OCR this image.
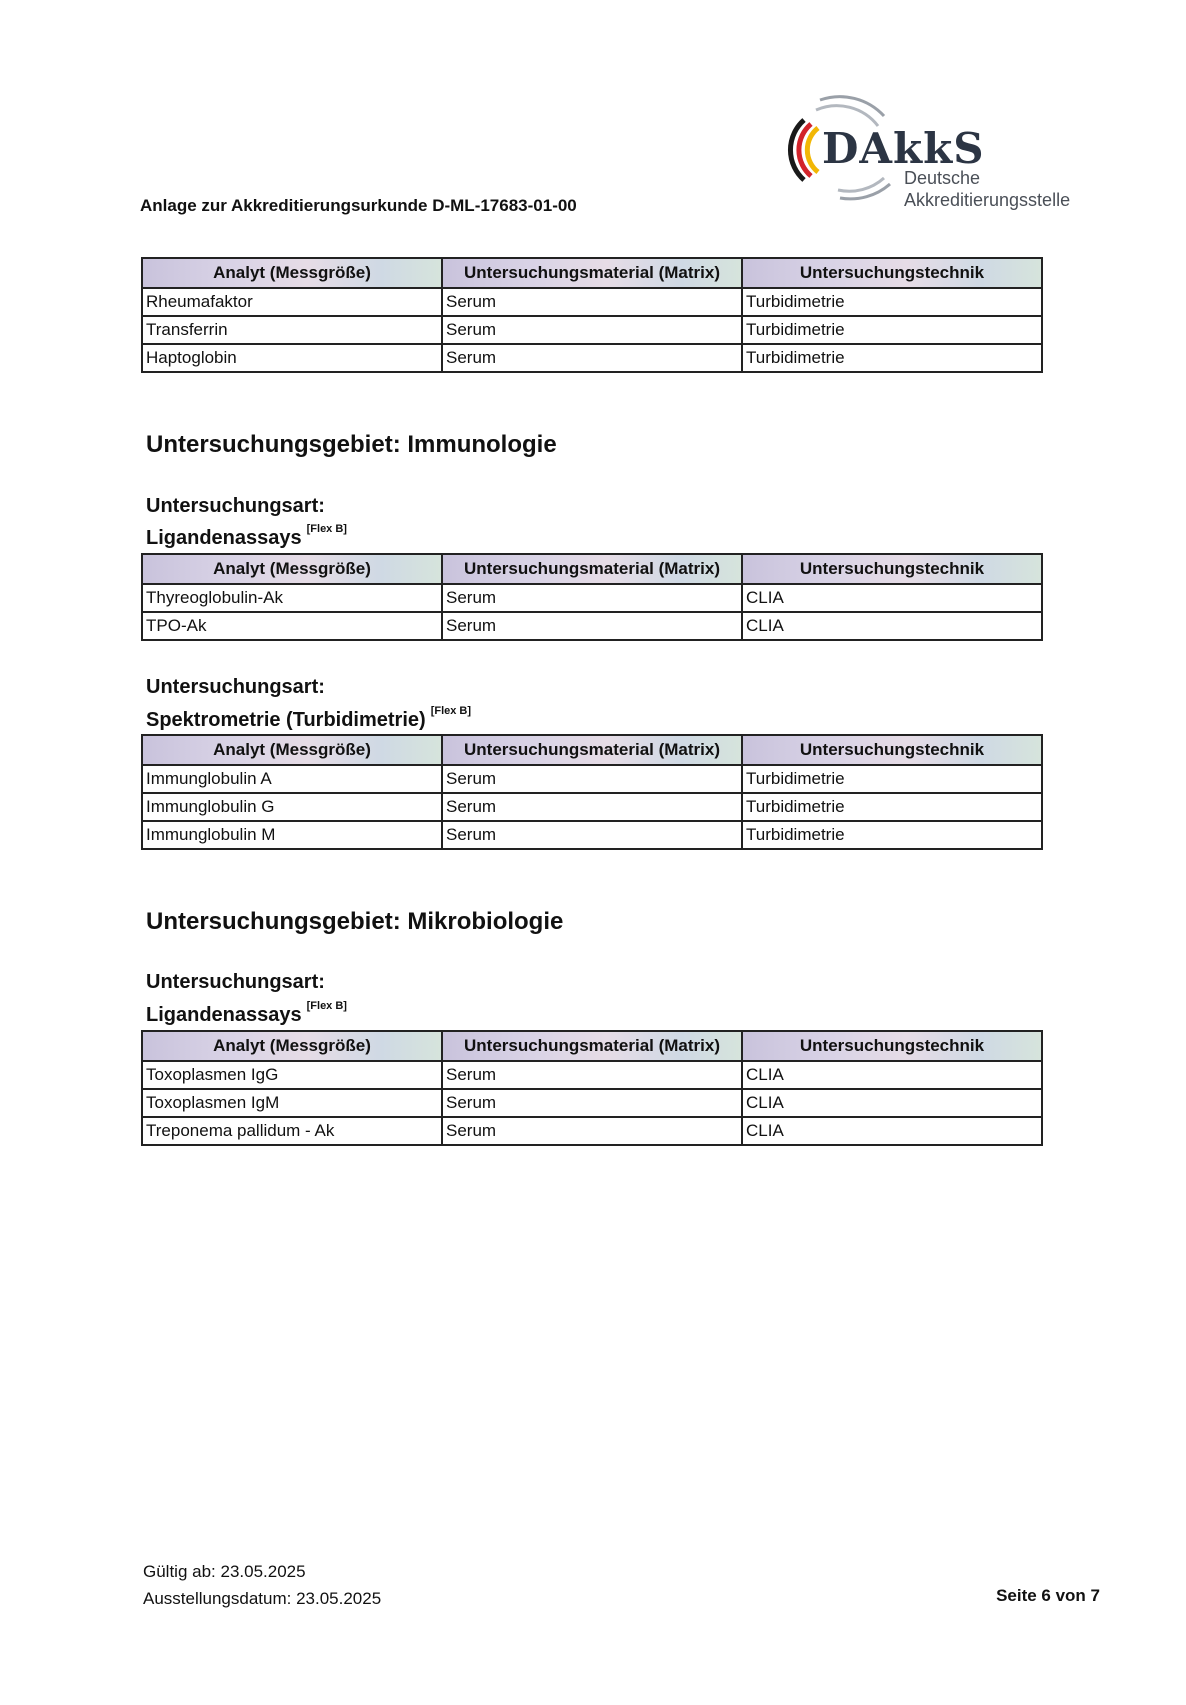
Anlage zur Akkreditierungsurkunde D-ML-17683-01-00
DAkkS
Deutsche
Akkreditierungsstelle
Analyt (Messgröße)	Untersuchungsmaterial (Matrix)	Untersuchungstechnik
Rheumafaktor	Serum	Turbidimetrie
Transferrin	Serum	Turbidimetrie
Haptoglobin	Serum	Turbidimetrie
Untersuchungsgebiet: Immunologie
Untersuchungsart:
Ligandenassays [Flex B]
Analyt (Messgröße)	Untersuchungsmaterial (Matrix)	Untersuchungstechnik
Thyreoglobulin-Ak	Serum	CLIA
TPO-Ak	Serum	CLIA
Untersuchungsart:
Spektrometrie (Turbidimetrie) [Flex B]
Analyt (Messgröße)	Untersuchungsmaterial (Matrix)	Untersuchungstechnik
Immunglobulin A	Serum	Turbidimetrie
Immunglobulin G	Serum	Turbidimetrie
Immunglobulin M	Serum	Turbidimetrie
Untersuchungsgebiet: Mikrobiologie
Untersuchungsart:
Ligandenassays [Flex B]
Analyt (Messgröße)	Untersuchungsmaterial (Matrix)	Untersuchungstechnik
Toxoplasmen IgG	Serum	CLIA
Toxoplasmen IgM	Serum	CLIA
Treponema pallidum - Ak	Serum	CLIA
Gültig ab: 23.05.2025
Ausstellungsdatum: 23.05.2025	Seite 6 von 7
